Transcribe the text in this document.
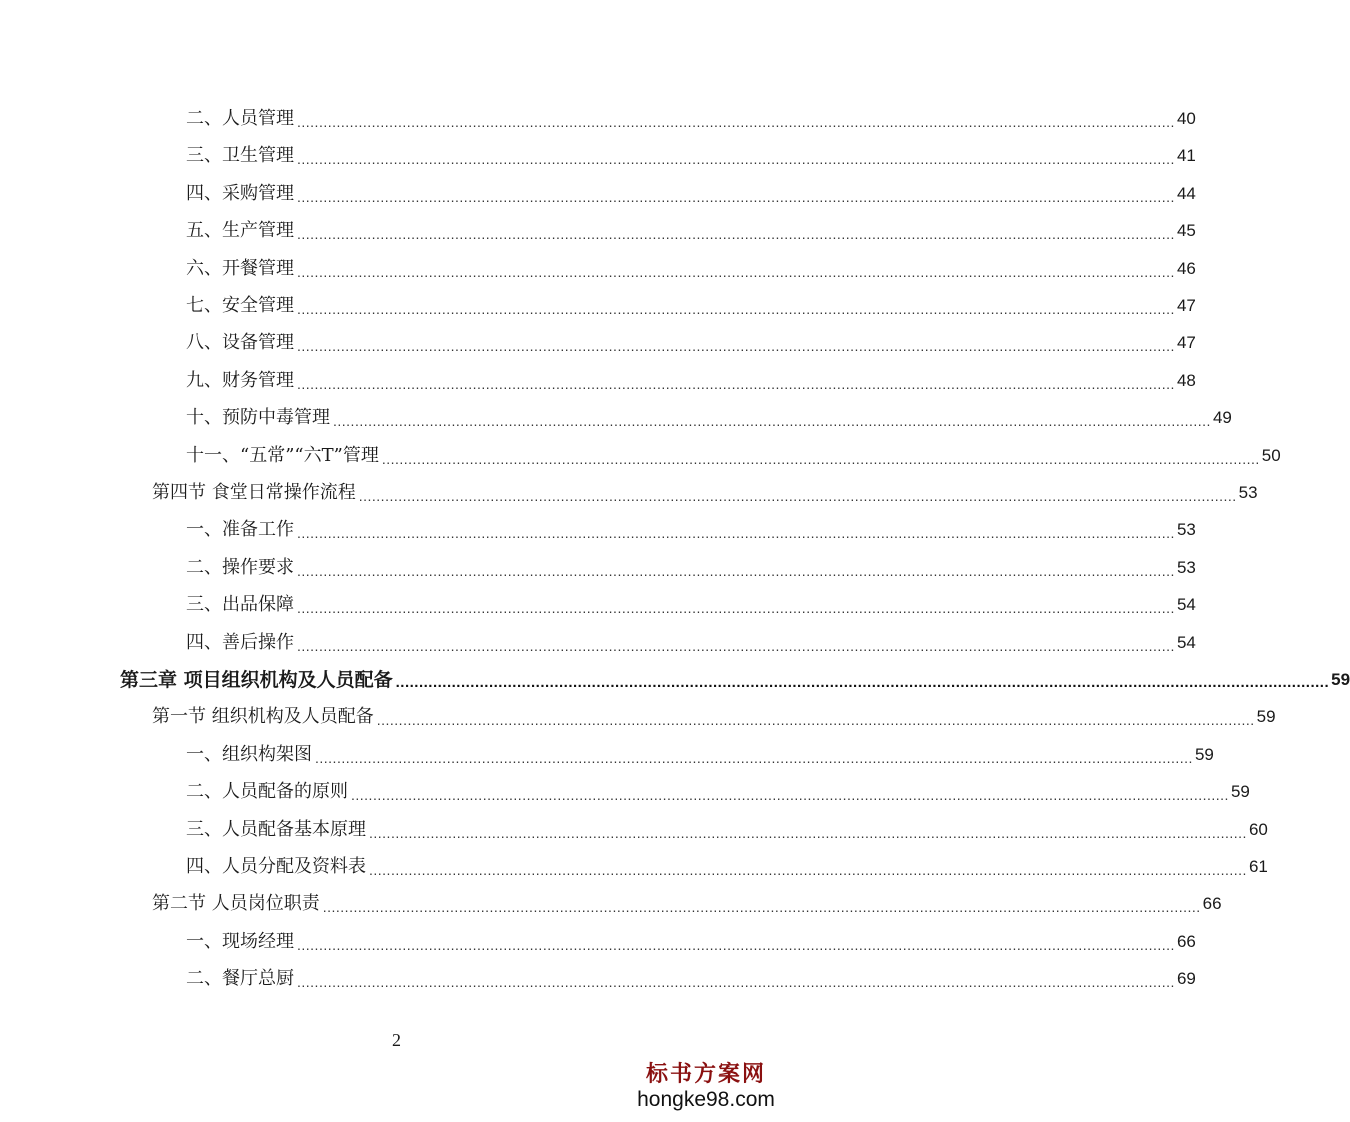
二、人员管理 ........................................................................................................................................................................................................ 40
三、卫生管理 ........................................................................................................................................................................................................ 41
四、采购管理 ........................................................................................................................................................................................................ 44
五、生产管理 ........................................................................................................................................................................................................ 45
六、开餐管理 ........................................................................................................................................................................................................ 46
七、安全管理 ........................................................................................................................................................................................................ 47
八、设备管理 ........................................................................................................................................................................................................ 47
九、财务管理 ........................................................................................................................................................................................................ 48
十、预防中毒管理 ........................................................................................................................................................................................................ 49
十一、“五常”“六T”管理 ........................................................................................................................................................................................................ 50
第四节 食堂日常操作流程 ........................................................................................................................................................................................................ 53
一、准备工作 ........................................................................................................................................................................................................ 53
二、操作要求 ........................................................................................................................................................................................................ 53
三、出品保障 ........................................................................................................................................................................................................ 54
四、善后操作 ........................................................................................................................................................................................................ 54
第三章 项目组织机构及人员配备 ........................................................................................................................................................................................................ 59
第一节 组织机构及人员配备 ........................................................................................................................................................................................................ 59
一、组织构架图 ........................................................................................................................................................................................................ 59
二、人员配备的原则 ........................................................................................................................................................................................................ 59
三、人员配备基本原理 ........................................................................................................................................................................................................ 60
四、人员分配及资料表 ........................................................................................................................................................................................................ 61
第二节 人员岗位职责 ........................................................................................................................................................................................................ 66
一、现场经理 ........................................................................................................................................................................................................ 66
二、餐厅总厨 ........................................................................................................................................................................................................ 69
2
标书方案网
hongke98.com
